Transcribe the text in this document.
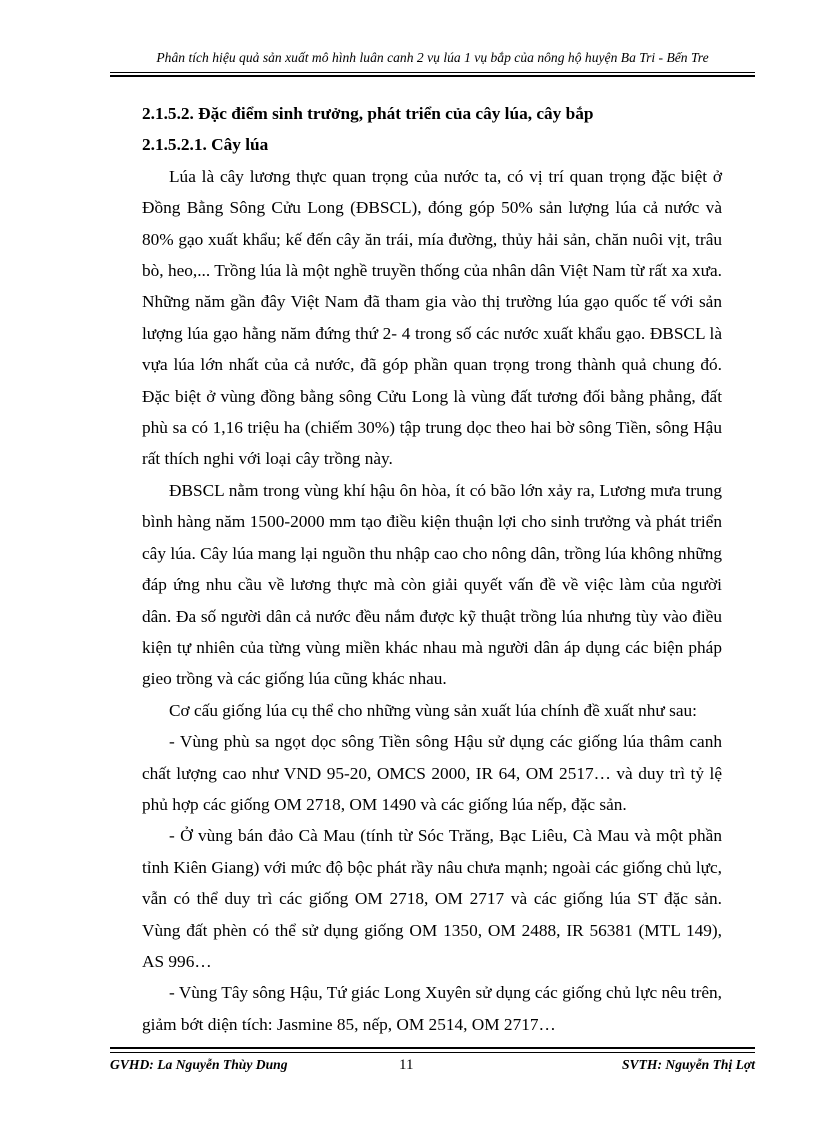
Phân tích hiệu quả sản xuất mô hình luân canh 2 vụ lúa 1 vụ bắp của nông hộ huyện Ba Tri - Bến Tre

2.1.5.2. Đặc điểm sinh trưởng, phát triển của cây lúa, cây bắp

2.1.5.2.1. Cây lúa

Lúa là cây lương thực quan trọng của nước ta, có vị trí quan trọng đặc biệt ở Đồng Bằng Sông Cửu Long (ĐBSCL), đóng góp 50% sản lượng lúa cả nước và 80% gạo xuất khẩu; kế đến cây ăn trái, mía đường, thủy hải sản, chăn nuôi vịt, trâu bò, heo,... Trồng lúa là một nghề truyền thống của nhân dân Việt Nam từ rất xa xưa. Những năm gần đây Việt Nam đã tham gia vào thị trường lúa gạo quốc tế với sản lượng lúa gạo hằng năm đứng thứ 2- 4 trong số các nước xuất khẩu gạo. ĐBSCL là vựa lúa lớn nhất của cả nước, đã góp phần quan trọng trong thành quả chung đó. Đặc biệt ở vùng đồng bằng sông Cửu Long là vùng đất tương đối bằng phẳng, đất phù sa có 1,16 triệu ha (chiếm 30%) tập trung dọc theo hai bờ sông Tiền, sông Hậu rất thích nghi với loại cây trồng này.

ĐBSCL nằm trong vùng khí hậu ôn hòa, ít có bão lớn xảy ra, Lương mưa trung bình hàng năm 1500-2000 mm tạo điều kiện thuận lợi cho sinh trưởng và phát triển cây lúa. Cây lúa mang lại nguồn thu nhập cao cho nông dân, trồng lúa không những đáp ứng nhu cầu về lương thực mà còn giải quyết vấn đề về việc làm của người dân. Đa số người dân cả nước đều nắm được kỹ thuật trồng lúa nhưng tùy vào điều kiện tự nhiên của từng vùng miền khác nhau mà người dân áp dụng các biện pháp gieo trồng và các giống lúa cũng khác nhau.

Cơ cấu giống lúa cụ thể cho những vùng sản xuất lúa chính đề xuất như sau:

- Vùng phù sa ngọt dọc sông Tiền sông Hậu sử dụng các giống lúa thâm canh chất lượng cao như VND 95-20, OMCS 2000, IR 64, OM 2517… và duy trì tỷ lệ phủ hợp các giống OM 2718, OM 1490 và các giống lúa nếp, đặc sản.

- Ở vùng bán đảo Cà Mau (tính từ Sóc Trăng, Bạc Liêu, Cà Mau và một phần tỉnh Kiên Giang) với mức độ bộc phát rầy nâu chưa mạnh; ngoài các giống chủ lực, vẫn có thể duy trì các giống OM 2718, OM 2717 và các giống lúa ST đặc sản. Vùng đất phèn có thể sử dụng giống OM 1350, OM 2488, IR 56381 (MTL 149), AS 996…

- Vùng Tây sông Hậu, Tứ giác Long Xuyên sử dụng các giống chủ lực nêu trên, giảm bớt diện tích: Jasmine 85, nếp, OM 2514, OM 2717…

GVHD: La Nguyễn Thùy Dung	11	SVTH: Nguyễn Thị Lợt
